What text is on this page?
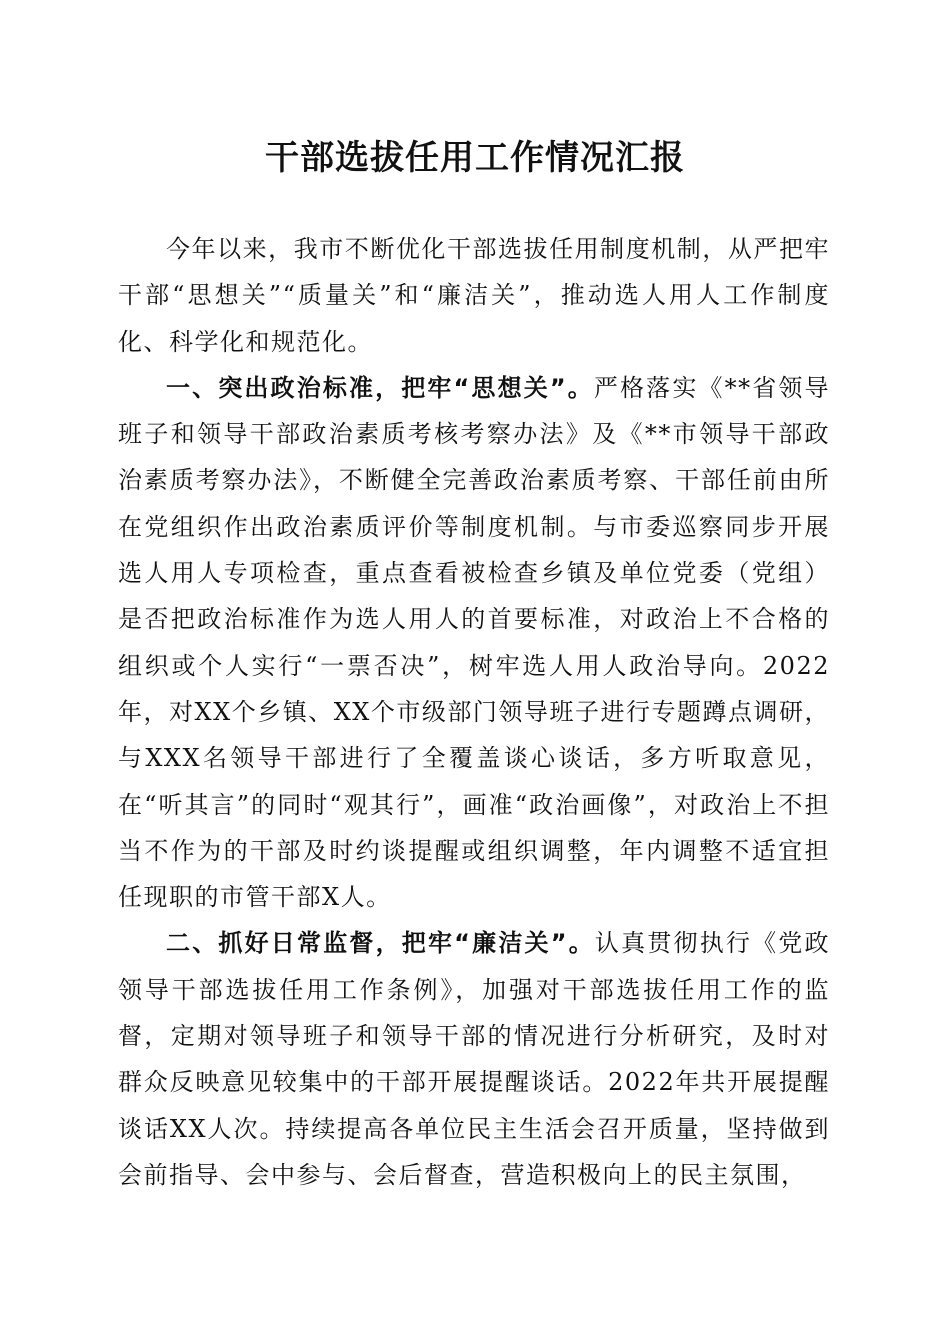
干部选拔任用工作情况汇报

今年以来，我市不断优化干部选拔任用制度机制，从严把牢干部“思想关”“质量关”和“廉洁关”，推动选人用人工作制度化、科学化和规范化。

一、突出政治标准，把牢“思想关”。严格落实《**省领导班子和领导干部政治素质考核考察办法》及《**市领导干部政治素质考察办法》，不断健全完善政治素质考察、干部任前由所在党组织作出政治素质评价等制度机制。与市委巡察同步开展选人用人专项检查，重点查看被检查乡镇及单位党委（党组）是否把政治标准作为选人用人的首要标准，对政治上不合格的组织或个人实行“一票否决”，树牢选人用人政治导向。2022年，对XX个乡镇、XX个市级部门领导班子进行专题蹲点调研，与XXX名领导干部进行了全覆盖谈心谈话，多方听取意见，在“听其言”的同时“观其行”，画准“政治画像”，对政治上不担当不作为的干部及时约谈提醒或组织调整，年内调整不适宜担任现职的市管干部X人。

二、抓好日常监督，把牢“廉洁关”。认真贯彻执行《党政领导干部选拔任用工作条例》，加强对干部选拔任用工作的监督，定期对领导班子和领导干部的情况进行分析研究，及时对群众反映意见较集中的干部开展提醒谈话。2022年共开展提醒谈话XX人次。持续提高各单位民主生活会召开质量，坚持做到会前指导、会中参与、会后督查，营造积极向上的民主氛围，
